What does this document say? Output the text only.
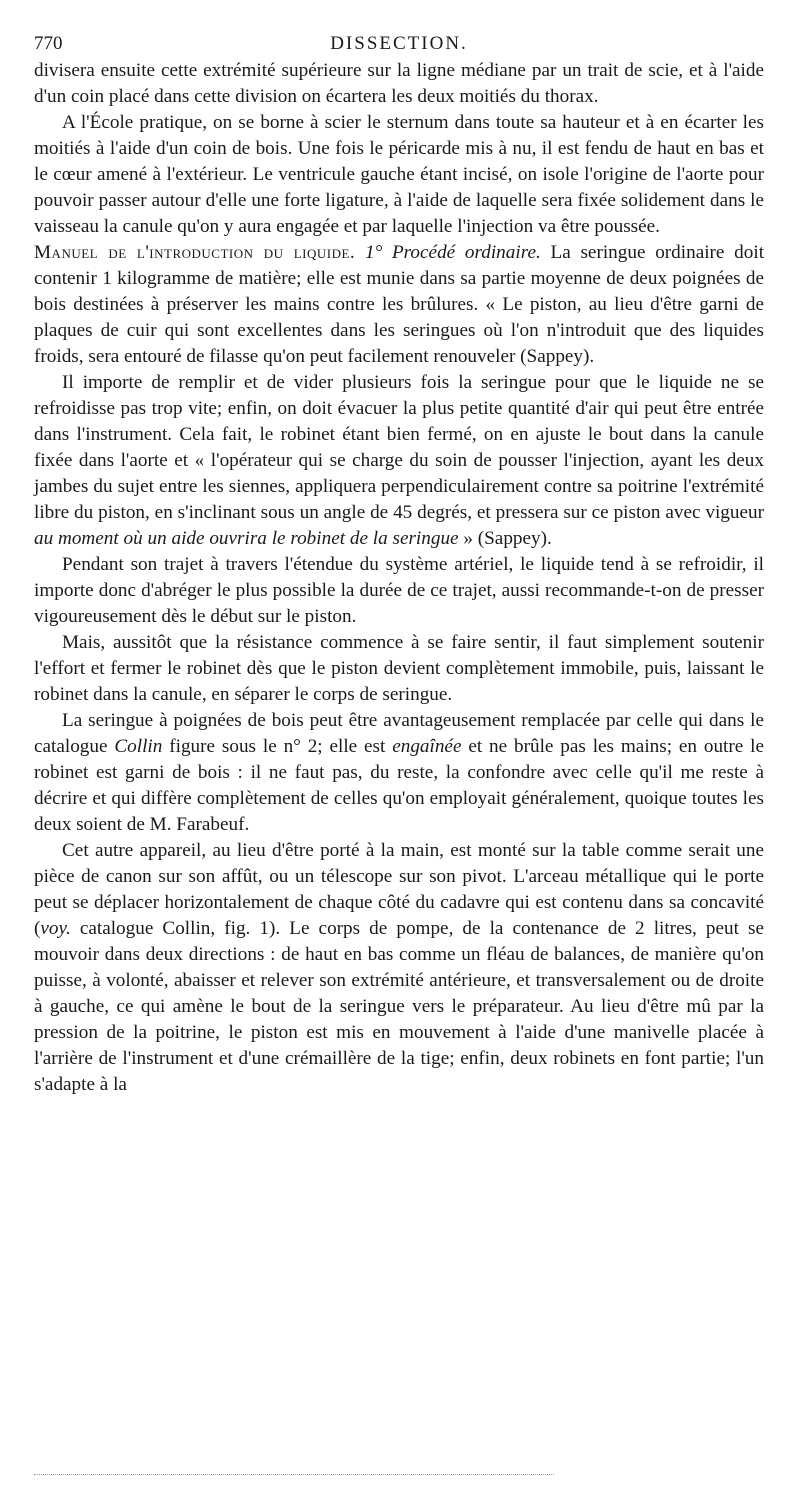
770	DISSECTION.

divisera ensuite cette extrémité supérieure sur la ligne médiane par un trait de scie, et à l'aide d'un coin placé dans cette division on écartera les deux moitiés du thorax.

A l'École pratique, on se borne à scier le sternum dans toute sa hauteur et à en écarter les moitiés à l'aide d'un coin de bois. Une fois le péricarde mis à nu, il est fendu de haut en bas et le cœur amené à l'extérieur. Le ventricule gauche étant incisé, on isole l'origine de l'aorte pour pouvoir passer autour d'elle une forte ligature, à l'aide de laquelle sera fixée solidement dans le vaisseau la canule qu'on y aura engagée et par laquelle l'injection va être poussée.

Manuel de l'introduction du liquide. 1° Procédé ordinaire. La seringue ordinaire doit contenir 1 kilogramme de matière; elle est munie dans sa partie moyenne de deux poignées de bois destinées à préserver les mains contre les brûlures. « Le piston, au lieu d'être garni de plaques de cuir qui sont excellentes dans les seringues où l'on n'introduit que des liquides froids, sera entouré de filasse qu'on peut facilement renouveler (Sappey).

Il importe de remplir et de vider plusieurs fois la seringue pour que le liquide ne se refroidisse pas trop vite; enfin, on doit évacuer la plus petite quantité d'air qui peut être entrée dans l'instrument. Cela fait, le robinet étant bien fermé, on en ajuste le bout dans la canule fixée dans l'aorte et « l'opérateur qui se charge du soin de pousser l'injection, ayant les deux jambes du sujet entre les siennes, appliquera perpendiculairement contre sa poitrine l'extrémité libre du piston, en s'inclinant sous un angle de 45 degrés, et pressera sur ce piston avec vigueur au moment où un aide ouvrira le robinet de la seringue » (Sappey).

Pendant son trajet à travers l'étendue du système artériel, le liquide tend à se refroidir, il importe donc d'abréger le plus possible la durée de ce trajet, aussi recommande-t-on de presser vigoureusement dès le début sur le piston.

Mais, aussitôt que la résistance commence à se faire sentir, il faut simplement soutenir l'effort et fermer le robinet dès que le piston devient complètement immobile, puis, laissant le robinet dans la canule, en séparer le corps de seringue.

La seringue à poignées de bois peut être avantageusement remplacée par celle qui dans le catalogue Collin figure sous le n° 2; elle est engaînée et ne brûle pas les mains; en outre le robinet est garni de bois : il ne faut pas, du reste, la confondre avec celle qu'il me reste à décrire et qui diffère complètement de celles qu'on employait généralement, quoique toutes les deux soient de M. Farabeuf.

Cet autre appareil, au lieu d'être porté à la main, est monté sur la table comme serait une pièce de canon sur son affût, ou un télescope sur son pivot. L'arceau métallique qui le porte peut se déplacer horizontalement de chaque côté du cadavre qui est contenu dans sa concavité (voy. catalogue Collin, fig. 1). Le corps de pompe, de la contenance de 2 litres, peut se mouvoir dans deux directions : de haut en bas comme un fléau de balances, de manière qu'on puisse, à volonté, abaisser et relever son extrémité antérieure, et transversalement ou de droite à gauche, ce qui amène le bout de la seringue vers le préparateur. Au lieu d'être mû par la pression de la poitrine, le piston est mis en mouvement à l'aide d'une manivelle placée à l'arrière de l'instrument et d'une crémaillère de la tige; enfin, deux robinets en font partie; l'un s'adapte à la
